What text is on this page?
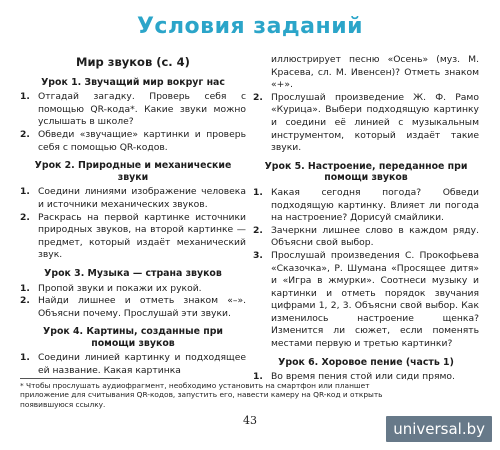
Условия заданий
Мир звуков (с. 4)
Урок 1. Звучащий мир вокруг нас
1. Отгадай загадку. Проверь себя с помощью QR-кода*. Какие звуки можно услышать в школе?
2. Обведи «звучащие» картинки и проверь себя с помощью QR-кодов.
Урок 2. Природные и механические звуки
1. Соедини линиями изображение человека и источники механических звуков.
2. Раскрась на первой картинке источники природных звуков, на второй картинке — предмет, который издаёт механический звук.
Урок 3. Музыка — страна звуков
1. Пропой звуки и покажи их рукой.
2. Найди лишнее и отметь знаком «–». Объясни почему. Прослушай эти звуки.
Урок 4. Картины, созданные при помощи звуков
1. Соедини линией картинку и подходящее ей название. Какая картинка
иллюстрирует песню «Осень» (муз. М. Красева, сл. М. Ивенсен)? Отметь знаком «+».
2. Прослушай произведение Ж. Ф. Рамо «Курица». Выбери подходящую картинку и соедини её линией с музыкальным инструментом, который издаёт такие звуки.
Урок 5. Настроение, переданное при помощи звуков
1. Какая сегодня погода? Обведи подходящую картинку. Влияет ли погода на настроение? Дорисуй смайлики.
2. Зачеркни лишнее слово в каждом ряду. Объясни свой выбор.
3. Прослушай произведения С. Прокофьева «Сказочка», Р. Шумана «Просящее дитя» и «Игра в жмурки». Соотнеси музыку и картинки и отметь порядок звучания цифрами 1, 2, 3. Объясни свой выбор. Как изменилось настроение щенка? Изменится ли сюжет, если поменять местами первую и третью картинки?
Урок 6. Хоровое пение (часть 1)
1. Во время пения стой или сиди прямо.
* Чтобы прослушать аудиофрагмент, необходимо установить на смартфон или планшет приложение для считывания QR-кодов, запустить его, навести камеру на QR-код и открыть появившуюся ссылку.
43	universal.by
